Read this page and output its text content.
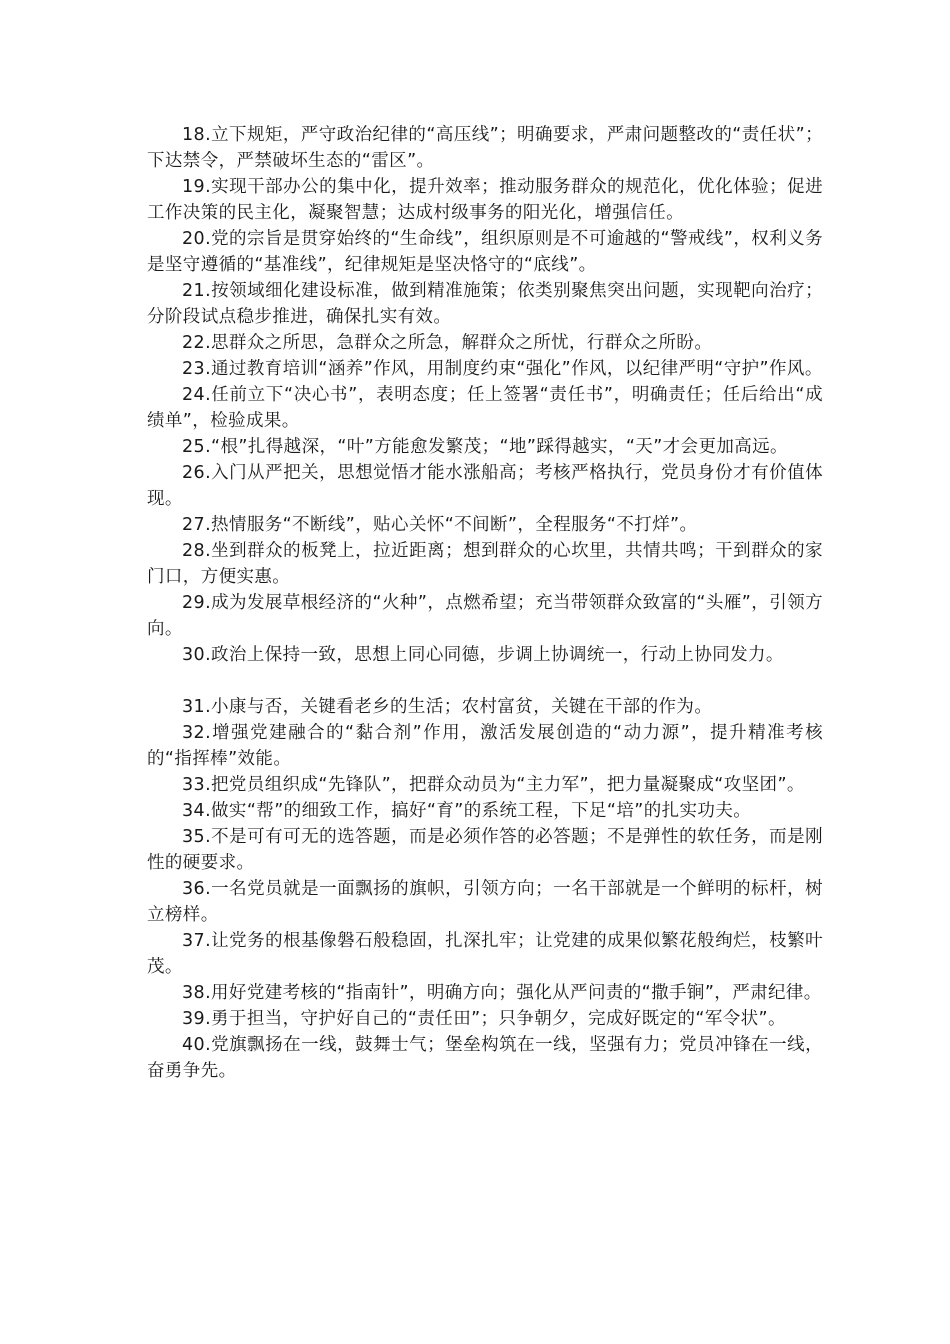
18.立下规矩，严守政治纪律的“高压线”；明确要求，严肃问题整改的“责任状”；下达禁令，严禁破坏生态的“雷区”。

19.实现干部办公的集中化，提升效率；推动服务群众的规范化，优化体验；促进工作决策的民主化，凝聚智慧；达成村级事务的阳光化，增强信任。

20.党的宗旨是贯穿始终的“生命线”，组织原则是不可逾越的“警戒线”，权利义务是坚守遵循的“基准线”，纪律规矩是坚决恪守的“底线”。

21.按领域细化建设标准，做到精准施策；依类别聚焦突出问题，实现靶向治疗；分阶段试点稳步推进，确保扎实有效。

22.思群众之所思，急群众之所急，解群众之所忧，行群众之所盼。

23.通过教育培训“涵养”作风，用制度约束“强化”作风，以纪律严明“守护”作风。

24.任前立下“决心书”，表明态度；任上签署“责任书”，明确责任；任后给出“成绩单”，检验成果。

25.“根”扎得越深，“叶”方能愈发繁茂；“地”踩得越实，“天”才会更加高远。

26.入门从严把关，思想觉悟才能水涨船高；考核严格执行，党员身份才有价值体现。

27.热情服务“不断线”，贴心关怀“不间断”，全程服务“不打烊”。

28.坐到群众的板凳上，拉近距离；想到群众的心坎里，共情共鸣；干到群众的家门口，方便实惠。

29.成为发展草根经济的“火种”，点燃希望；充当带领群众致富的“头雁”，引领方向。

30.政治上保持一致，思想上同心同德，步调上协调统一，行动上协同发力。

31.小康与否，关键看老乡的生活；农村富贫，关键在干部的作为。

32.增强党建融合的“黏合剂”作用，激活发展创造的“动力源”，提升精准考核的“指挥棒”效能。

33.把党员组织成“先锋队”，把群众动员为“主力军”，把力量凝聚成“攻坚团”。

34.做实“帮”的细致工作，搞好“育”的系统工程，下足“培”的扎实功夫。

35.不是可有可无的选答题，而是必须作答的必答题；不是弹性的软任务，而是刚性的硬要求。

36.一名党员就是一面飘扬的旗帜，引领方向；一名干部就是一个鲜明的标杆，树立榜样。

37.让党务的根基像磐石般稳固，扎深扎牢；让党建的成果似繁花般绚烂，枝繁叶茂。

38.用好党建考核的“指南针”，明确方向；强化从严问责的“撒手锏”，严肃纪律。

39.勇于担当，守护好自己的“责任田”；只争朝夕，完成好既定的“军令状”。

40.党旗飘扬在一线，鼓舞士气；堡垒构筑在一线，坚强有力；党员冲锋在一线，奋勇争先。
